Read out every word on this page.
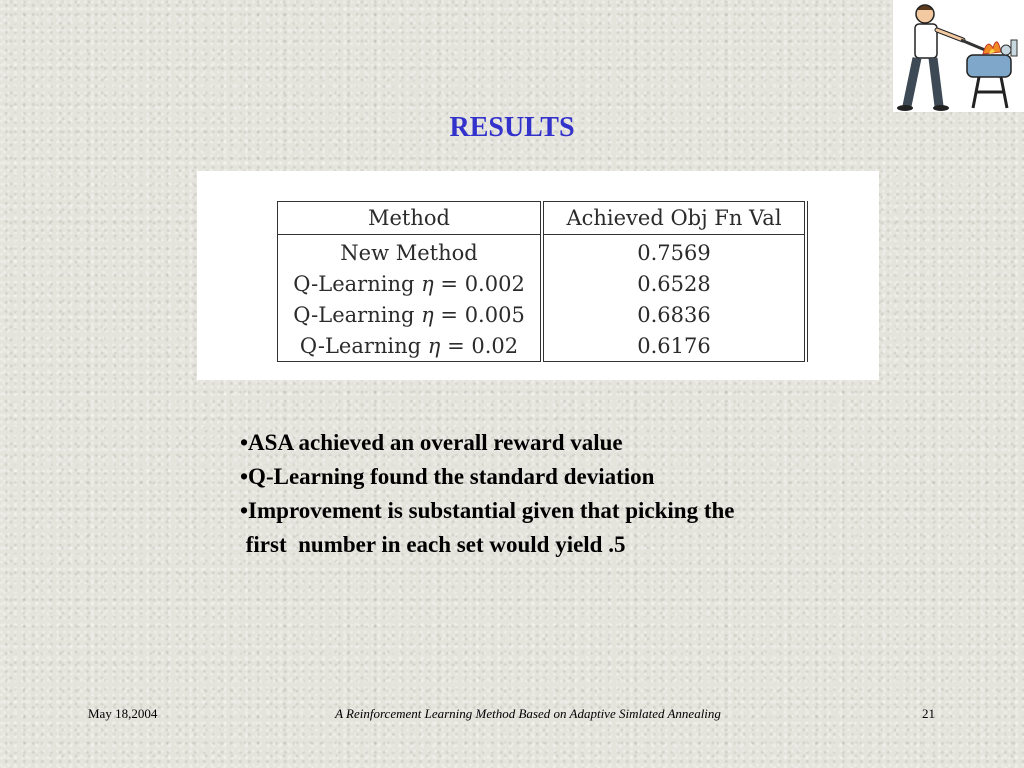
RESULTS
Method	Achieved Obj Fn Val
New Method	0.7569
Q-Learning η = 0.002	0.6528
Q-Learning η = 0.005	0.6836
Q-Learning η = 0.02	0.6176
•ASA achieved an overall reward value
•Q-Learning found the standard deviation
•Improvement is substantial given that picking the
first  number in each set would yield .5
May 18,2004	A Reinforcement Learning Method Based on Adaptive Simlated Annealing	21
